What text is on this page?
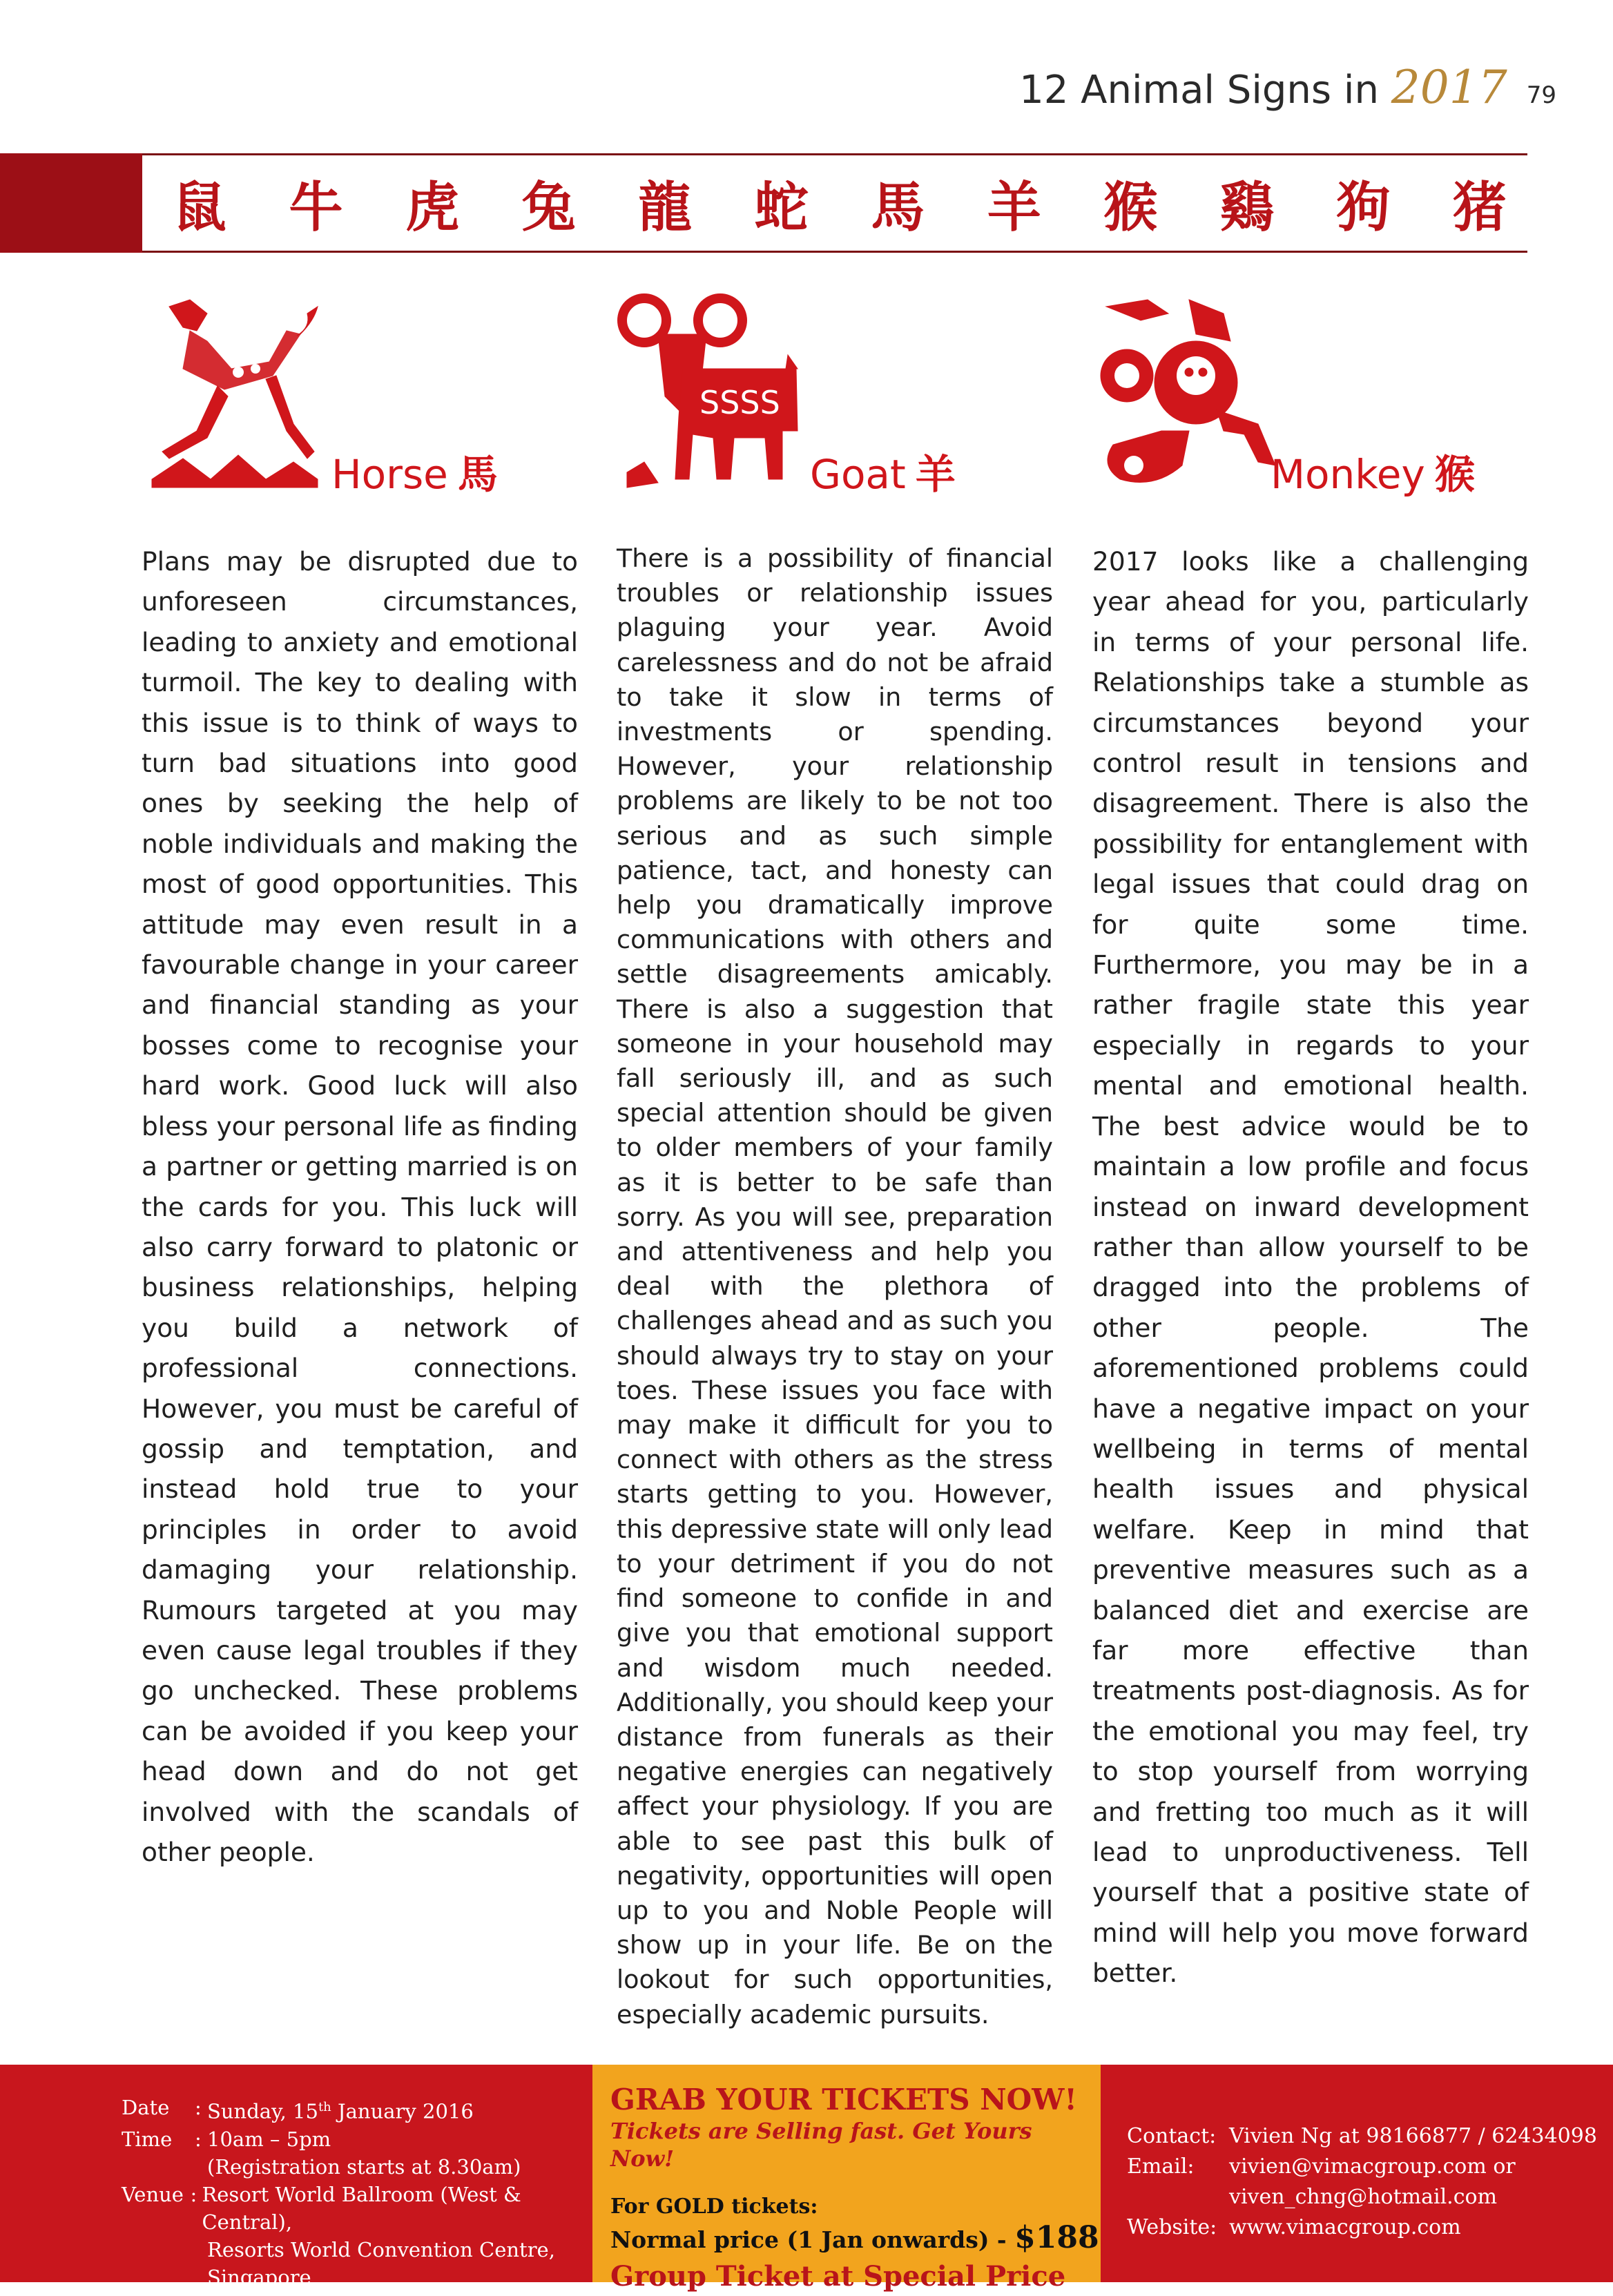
12 Animal Signs in 2017 79
鼠 牛 虎 兔 龍 蛇 馬 羊 猴 鷄 狗 猪
Horse 馬
Plans may be disrupted due to unforeseen circumstances, leading to anxiety and emotional turmoil. The key to dealing with this issue is to think of ways to turn bad situations into good ones by seeking the help of noble individuals and making the most of good opportunities. This attitude may even result in a favourable change in your career and financial standing as your bosses come to recognise your hard work. Good luck will also bless your personal life as finding a partner or getting married is on the cards for you. This luck will also carry forward to platonic or business relationships, helping you build a network of professional connections. However, you must be careful of gossip and temptation, and instead hold true to your principles in order to avoid damaging your relationship. Rumours targeted at you may even cause legal troubles if they go unchecked. These problems can be avoided if you keep your head down and do not get involved with the scandals of other people.
SSSS
Goat 羊
There is a possibility of financial troubles or relationship issues plaguing your year. Avoid carelessness and do not be afraid to take it slow in terms of investments or spending. However, your relationship problems are likely to be not too serious and as such simple patience, tact, and honesty can help you dramatically improve communications with others and settle disagreements amicably. There is also a suggestion that someone in your household may fall seriously ill, and as such special attention should be given to older members of your family as it is better to be safe than sorry. As you will see, preparation and attentiveness and help you deal with the plethora of challenges ahead and as such you should always try to stay on your toes. These issues you face with may make it difficult for you to connect with others as the stress starts getting to you. However, this depressive state will only lead to your detriment if you do not find someone to confide in and give you that emotional support and wisdom much needed. Additionally, you should keep your distance from funerals as their negative energies can negatively affect your physiology. If you are able to see past this bulk of negativity, opportunities will open up to you and Noble People will show up in your life. Be on the lookout for such opportunities, especially academic pursuits.
Monkey 猴
2017 looks like a challenging year ahead for you, particularly in terms of your personal life. Relationships take a stumble as circumstances beyond your control result in tensions and disagreement. There is also the possibility for entanglement with legal issues that could drag on for quite some time. Furthermore, you may be in a rather fragile state this year especially in regards to your mental and emotional health. The best advice would be to maintain a low profile and focus instead on inward development rather than allow yourself to be dragged into the problems of other people. The aforementioned problems could have a negative impact on your wellbeing in terms of mental health issues and physical welfare. Keep in mind that preventive measures such as a balanced diet and exercise are far more effective than treatments post-diagnosis. As for the emotional you may feel, try to stop yourself from worrying and fretting too much as it will lead to unproductiveness. Tell yourself that a positive state of mind will help you move forward better.
Date	: Sunday, 15th January 2016
Time	: 10am – 5pm
(Registration starts at 8.30am)
Venue : Resort World Ballroom (West & Central),
Resorts World Convention Centre,
Singapore
GRAB YOUR TICKETS NOW!
Tickets are Selling fast. Get Yours Now!
For GOLD tickets:
Normal price (1 Jan onwards) - $188
Group Ticket at Special Price
Contact: Vivien Ng at 98166877 / 62434098
Email:	vivien@vimacgroup.com or
viven_chng@hotmail.com
Website: www.vimacgroup.com
